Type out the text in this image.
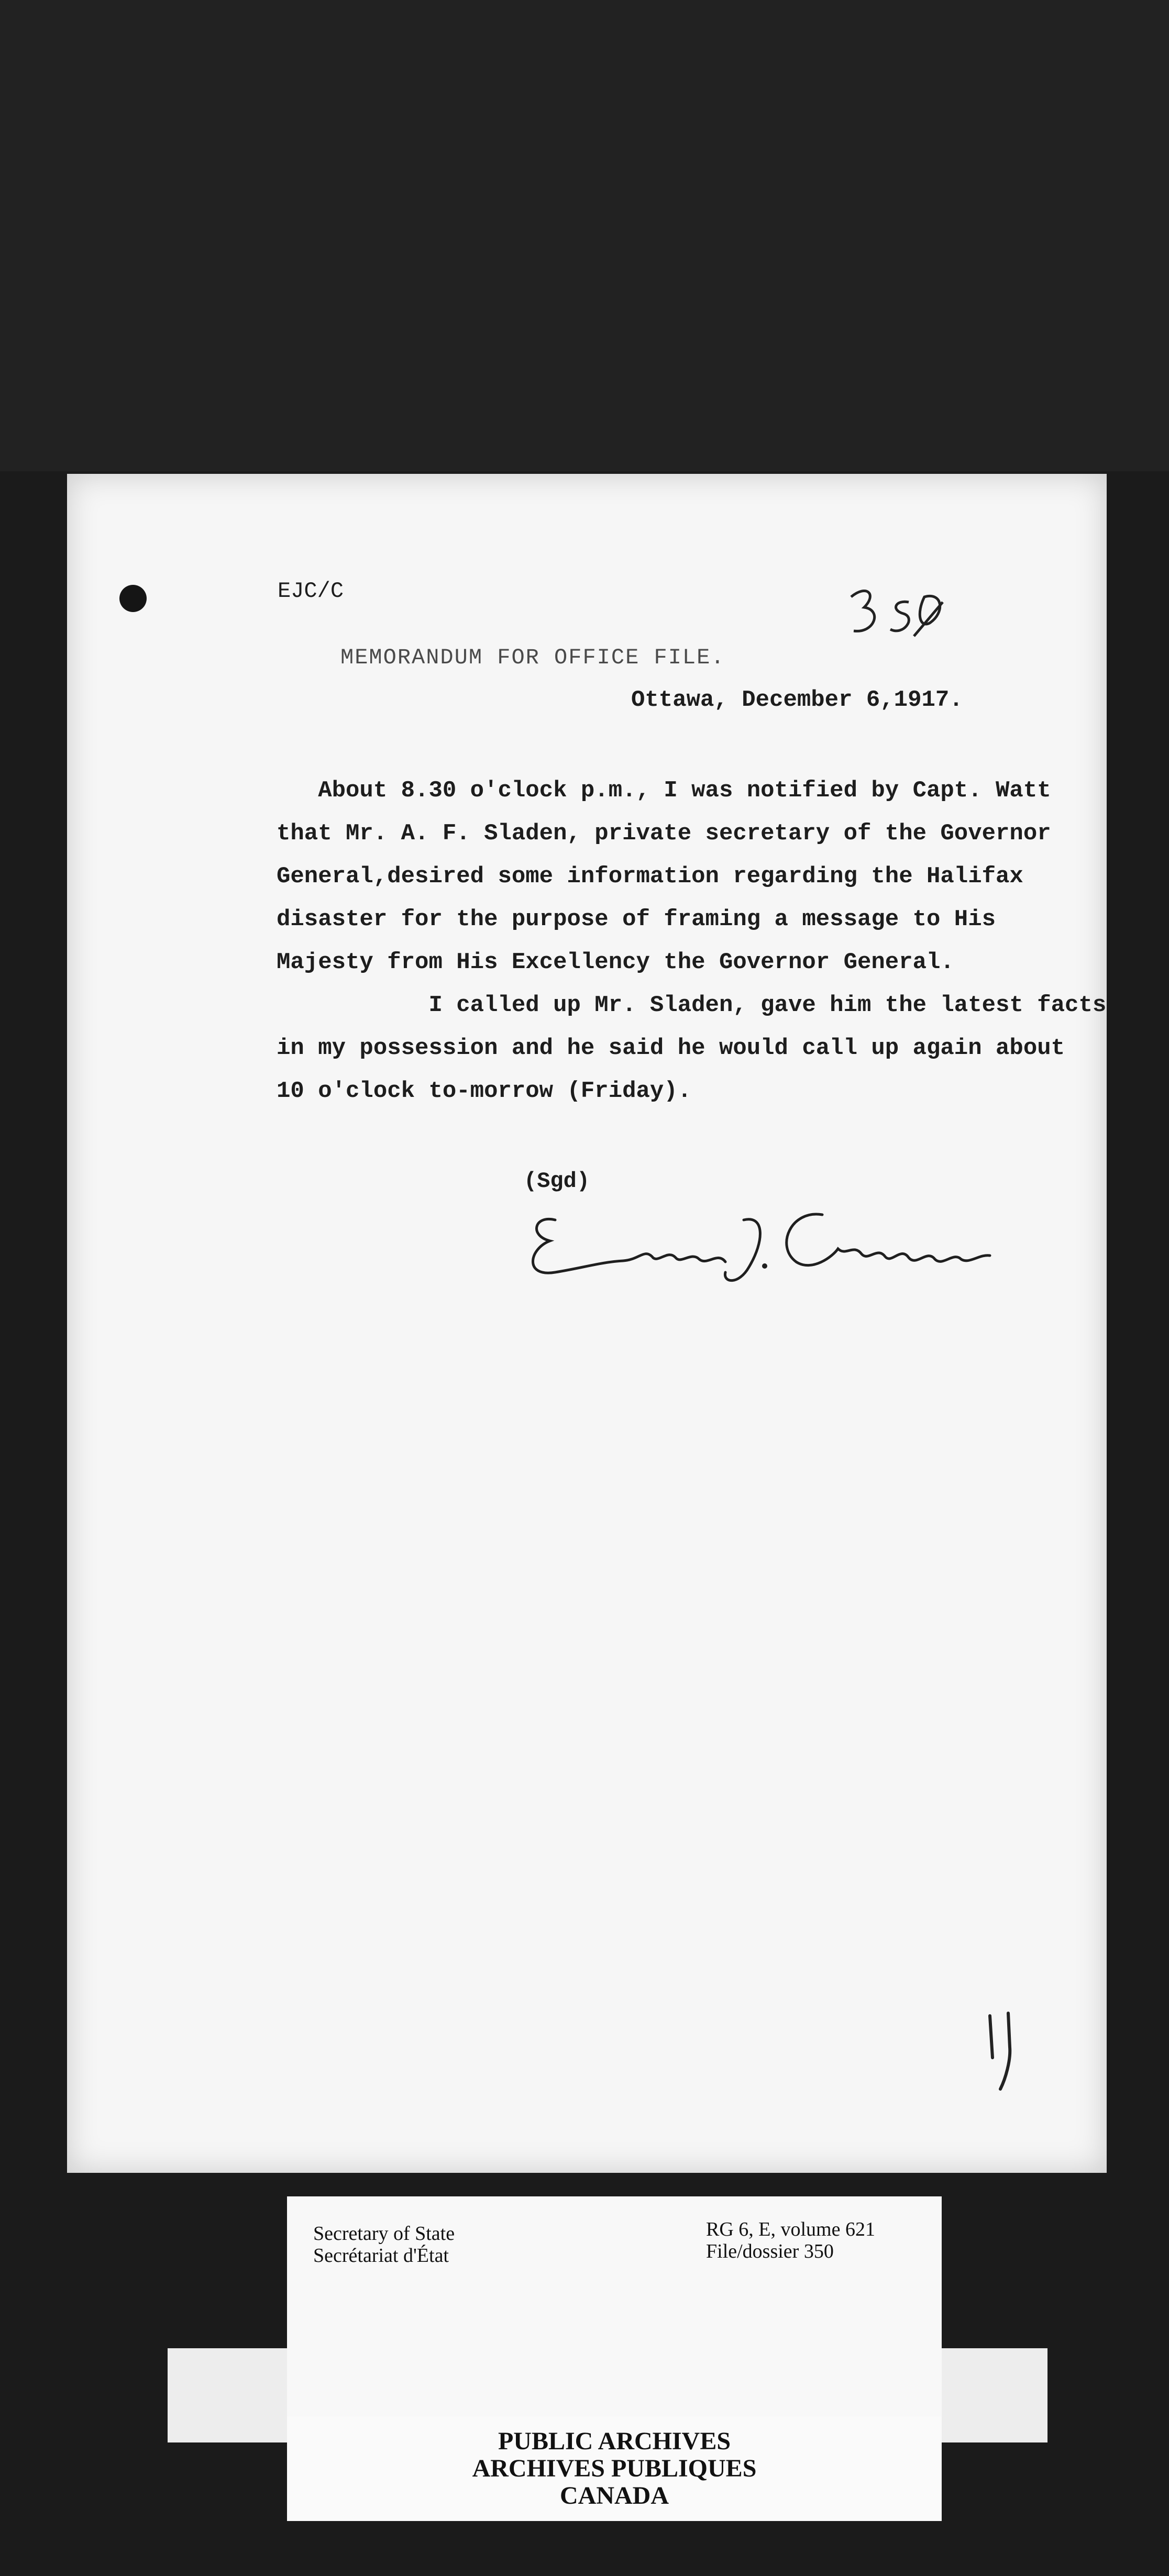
EJC/C
MEMORANDUM FOR OFFICE FILE.
Ottawa, December 6,1917.
About 8.30 o'clock p.m., I was notified by Capt. Watt
that Mr. A. F. Sladen, private secretary of the Governor
General,desired some information regarding the Halifax
disaster for the purpose of framing a message to His
Majesty from His Excellency the Governor General.
I called up Mr. Sladen, gave him the latest facts
in my possession and he said he would call up again about
10 o'clock to-morrow (Friday).
(Sgd)
Secretary of State
Secrétariat d'État
RG 6, E, volume 621
File/dossier 350
PUBLIC ARCHIVES
ARCHIVES PUBLIQUES
CANADA
